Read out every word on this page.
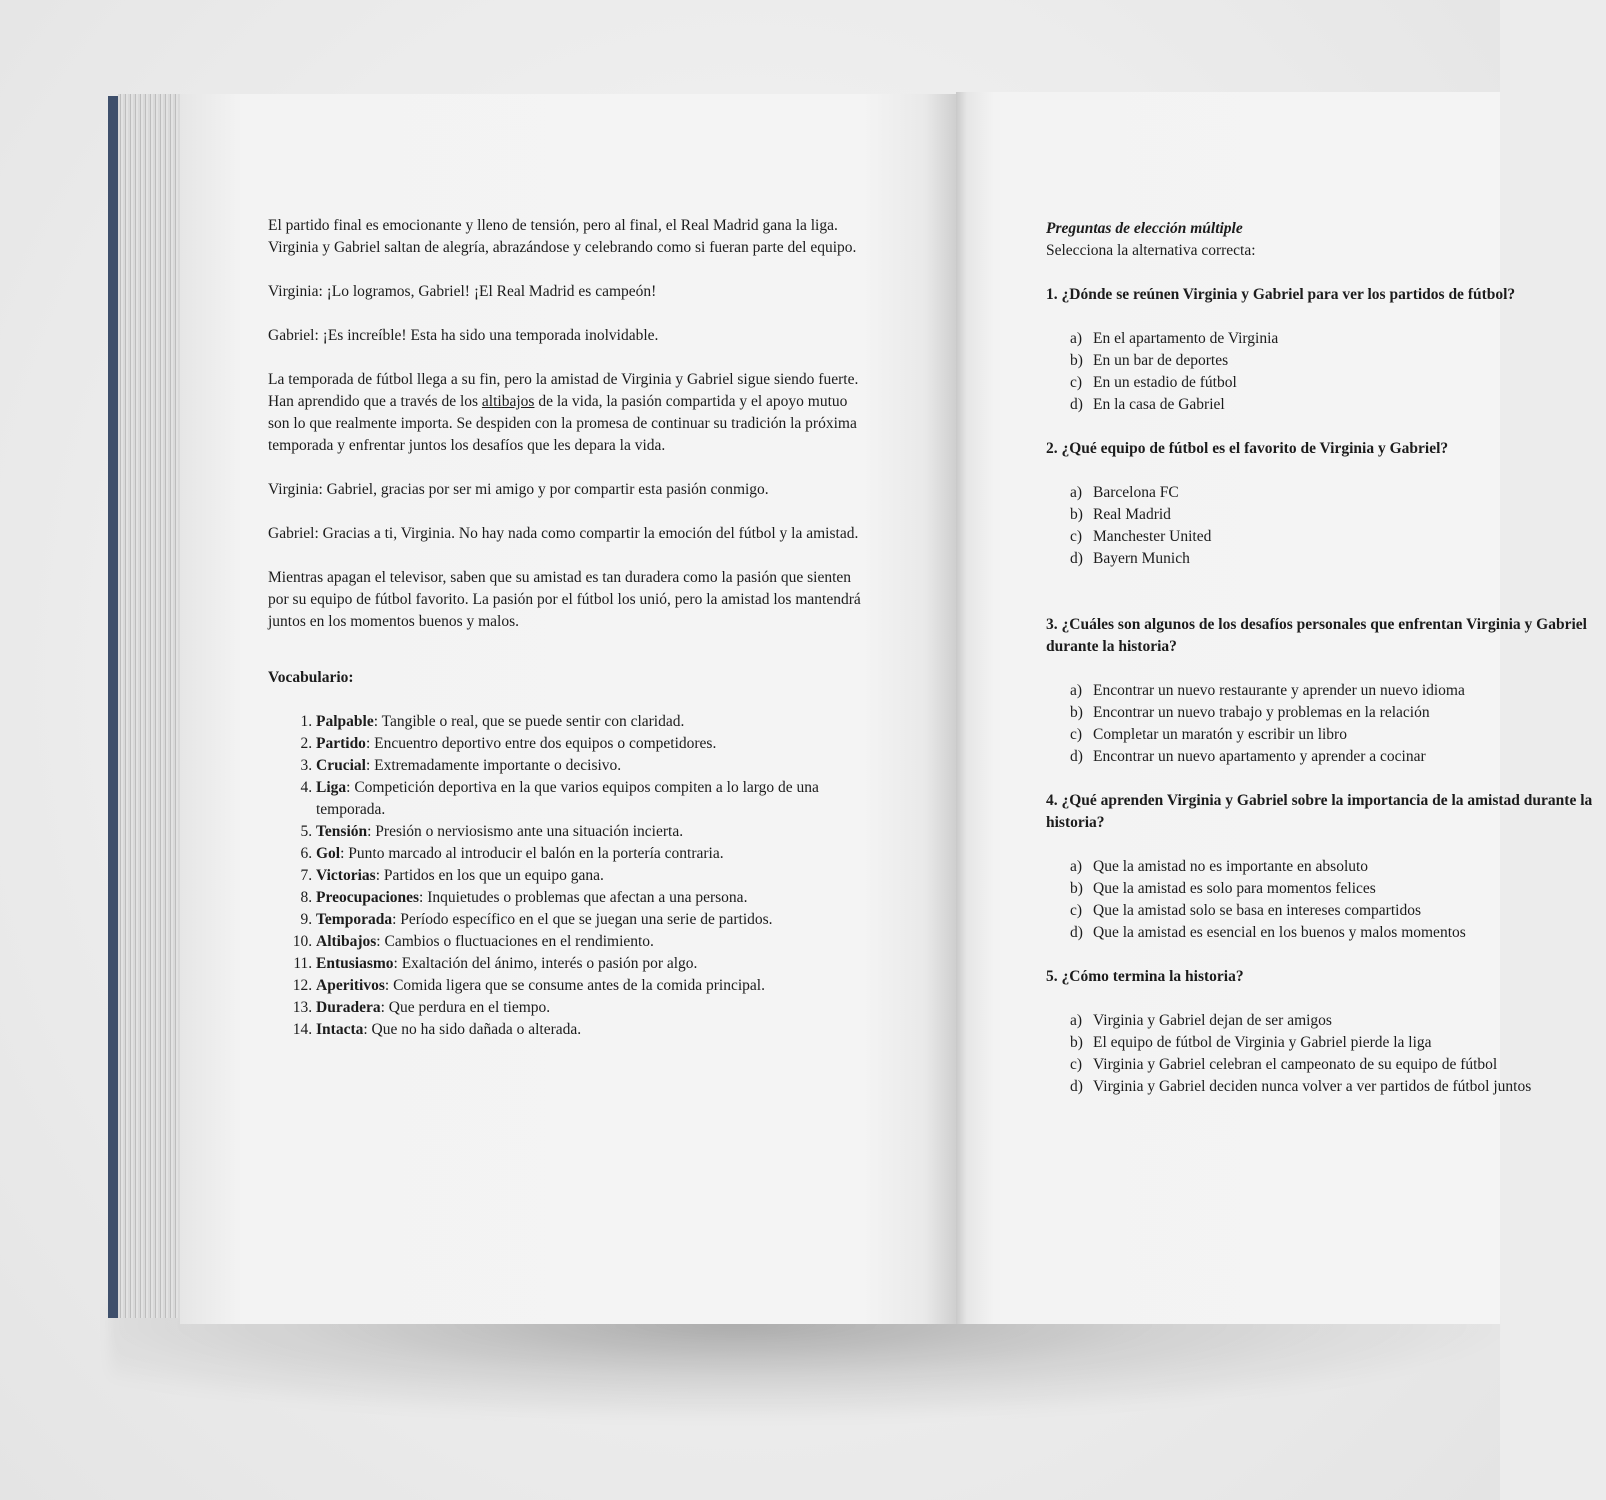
Preguntas de elección múltiple
Selecciona la alternativa correcta:
1. ¿Dónde se reúnen Virginia y Gabriel para ver los partidos de fútbol?
a) En el apartamento de Virginia
b) En un bar de deportes
c) En un estadio de fútbol
d) En la casa de Gabriel
2. ¿Qué equipo de fútbol es el favorito de Virginia y Gabriel?
a) Barcelona FC
b) Real Madrid
c) Manchester United
d) Bayern Munich
3. ¿Cuáles son algunos de los desafíos personales que enfrentan Virginia y Gabriel durante la historia?
a) Encontrar un nuevo restaurante y aprender un nuevo idioma
b) Encontrar un nuevo trabajo y problemas en la relación
c) Completar un maratón y escribir un libro
d) Encontrar un nuevo apartamento y aprender a cocinar
4. ¿Qué aprenden Virginia y Gabriel sobre la importancia de la amistad durante la historia?
a) Que la amistad no es importante en absoluto
b) Que la amistad es solo para momentos felices
c) Que la amistad solo se basa en intereses compartidos
d) Que la amistad es esencial en los buenos y malos momentos
5. ¿Cómo termina la historia?
a) Virginia y Gabriel dejan de ser amigos
b) El equipo de fútbol de Virginia y Gabriel pierde la liga
c) Virginia y Gabriel celebran el campeonato de su equipo de fútbol
d) Virginia y Gabriel deciden nunca volver a ver partidos de fútbol juntos

El partido final es emocionante y lleno de tensión, pero al final, el Real Madrid gana la liga. Virginia y Gabriel saltan de alegría, abrazándose y celebrando como si fueran parte del equipo.

Virginia: ¡Lo logramos, Gabriel! ¡El Real Madrid es campeón!

Gabriel: ¡Es increíble! Esta ha sido una temporada inolvidable.

La temporada de fútbol llega a su fin, pero la amistad de Virginia y Gabriel sigue siendo fuerte. Han aprendido que a través de los altibajos de la vida, la pasión compartida y el apoyo mutuo son lo que realmente importa. Se despiden con la promesa de continuar su tradición la próxima temporada y enfrentar juntos los desafíos que les depara la vida.

Virginia: Gabriel, gracias por ser mi amigo y por compartir esta pasión conmigo.

Gabriel: Gracias a ti, Virginia. No hay nada como compartir la emoción del fútbol y la amistad.

Mientras apagan el televisor, saben que su amistad es tan duradera como la pasión que sienten por su equipo de fútbol favorito. La pasión por el fútbol los unió, pero la amistad los mantendrá juntos en los momentos buenos y malos.

Vocabulario:
1. Palpable: Tangible o real, que se puede sentir con claridad.
2. Partido: Encuentro deportivo entre dos equipos o competidores.
3. Crucial: Extremadamente importante o decisivo.
4. Liga: Competición deportiva en la que varios equipos compiten a lo largo de una temporada.
5. Tensión: Presión o nerviosismo ante una situación incierta.
6. Gol: Punto marcado al introducir el balón en la portería contraria.
7. Victorias: Partidos en los que un equipo gana.
8. Preocupaciones: Inquietudes o problemas que afectan a una persona.
9. Temporada: Período específico en el que se juegan una serie de partidos.
10. Altibajos: Cambios o fluctuaciones en el rendimiento.
11. Entusiasmo: Exaltación del ánimo, interés o pasión por algo.
12. Aperitivos: Comida ligera que se consume antes de la comida principal.
13. Duradera: Que perdura en el tiempo.
14. Intacta: Que no ha sido dañada o alterada.
